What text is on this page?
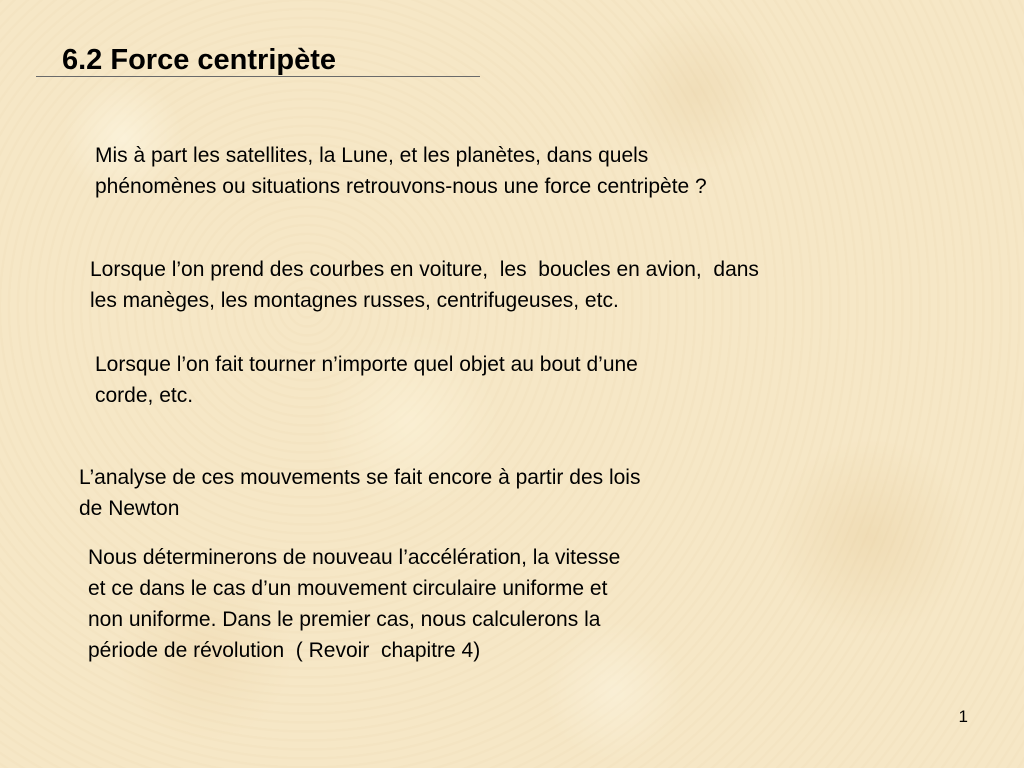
6.2 Force centripète

Mis à part les satellites, la Lune, et les planètes, dans quels
phénomènes ou situations retrouvons-nous une force centripète ?

Lorsque l’on prend des courbes en voiture,  les  boucles en avion,  dans
les manèges, les montagnes russes, centrifugeuses, etc.

Lorsque l’on fait tourner n’importe quel objet au bout d’une
corde, etc.

L’analyse de ces mouvements se fait encore à partir des lois
de Newton

Nous déterminerons de nouveau l’accélération, la vitesse
et ce dans le cas d’un mouvement circulaire uniforme et
non uniforme. Dans le premier cas, nous calculerons la
période de révolution  ( Revoir  chapitre 4)

1
